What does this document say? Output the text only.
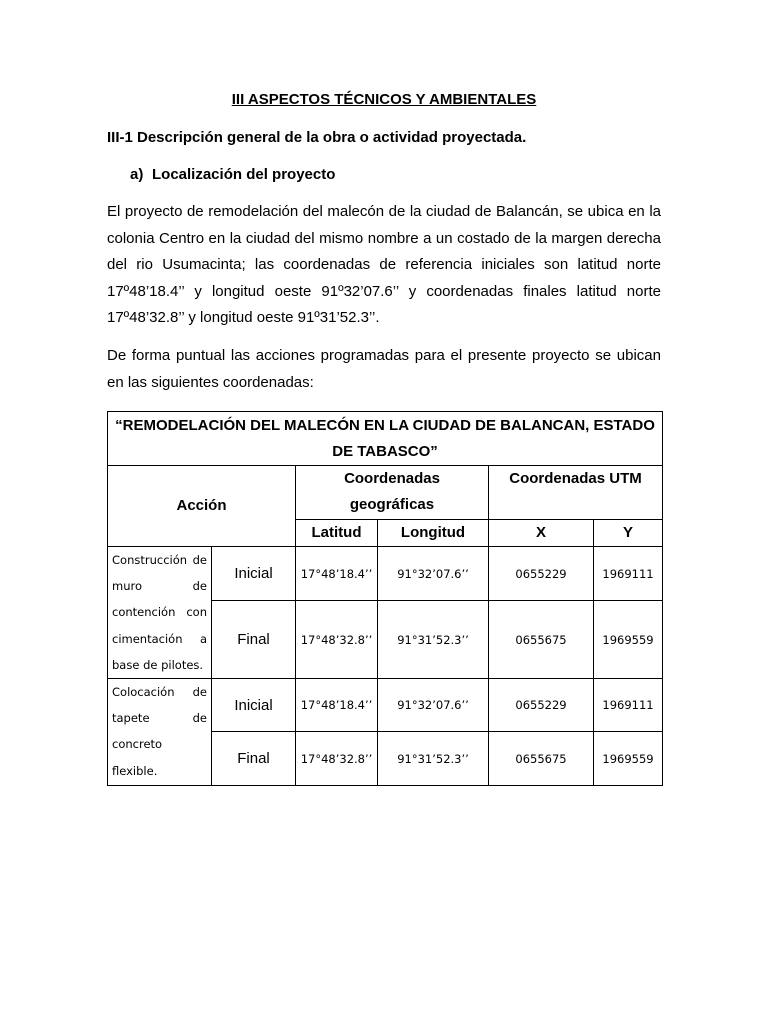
III ASPECTOS TÉCNICOS Y AMBIENTALES
III-1 Descripción general de la obra o actividad proyectada.
a) Localización del proyecto

El proyecto de remodelación del malecón de la ciudad de Balancán, se ubica en la colonia Centro en la ciudad del mismo nombre a un costado de la margen derecha del rio Usumacinta; las coordenadas de referencia iniciales son latitud norte 17º48’18.4’’ y longitud oeste 91º32’07.6’’ y coordenadas finales latitud norte 17º48’32.8’’ y longitud oeste 91º31’52.3’’.

De forma puntual las acciones programadas para el presente proyecto se ubican en las siguientes coordenadas:

“REMODELACIÓN DEL MALECÓN EN LA CIUDAD DE BALANCAN, ESTADO DE TABASCO”					
Acción		Coordenadas geográficas		Coordenadas UTM	
		Latitud	Longitud	X	Y
Construcción de muro de contención con cimentación a base de pilotes.	Inicial	17°48’18.4’’	91°32’07.6’’	0655229	1969111
	Final	17°48’32.8’’	91°31’52.3’’	0655675	1969559
Colocación de tapete de concreto flexible.	Inicial	17°48’18.4’’	91°32’07.6’’	0655229	1969111
	Final	17°48’32.8’’	91°31’52.3’’	0655675	1969559
